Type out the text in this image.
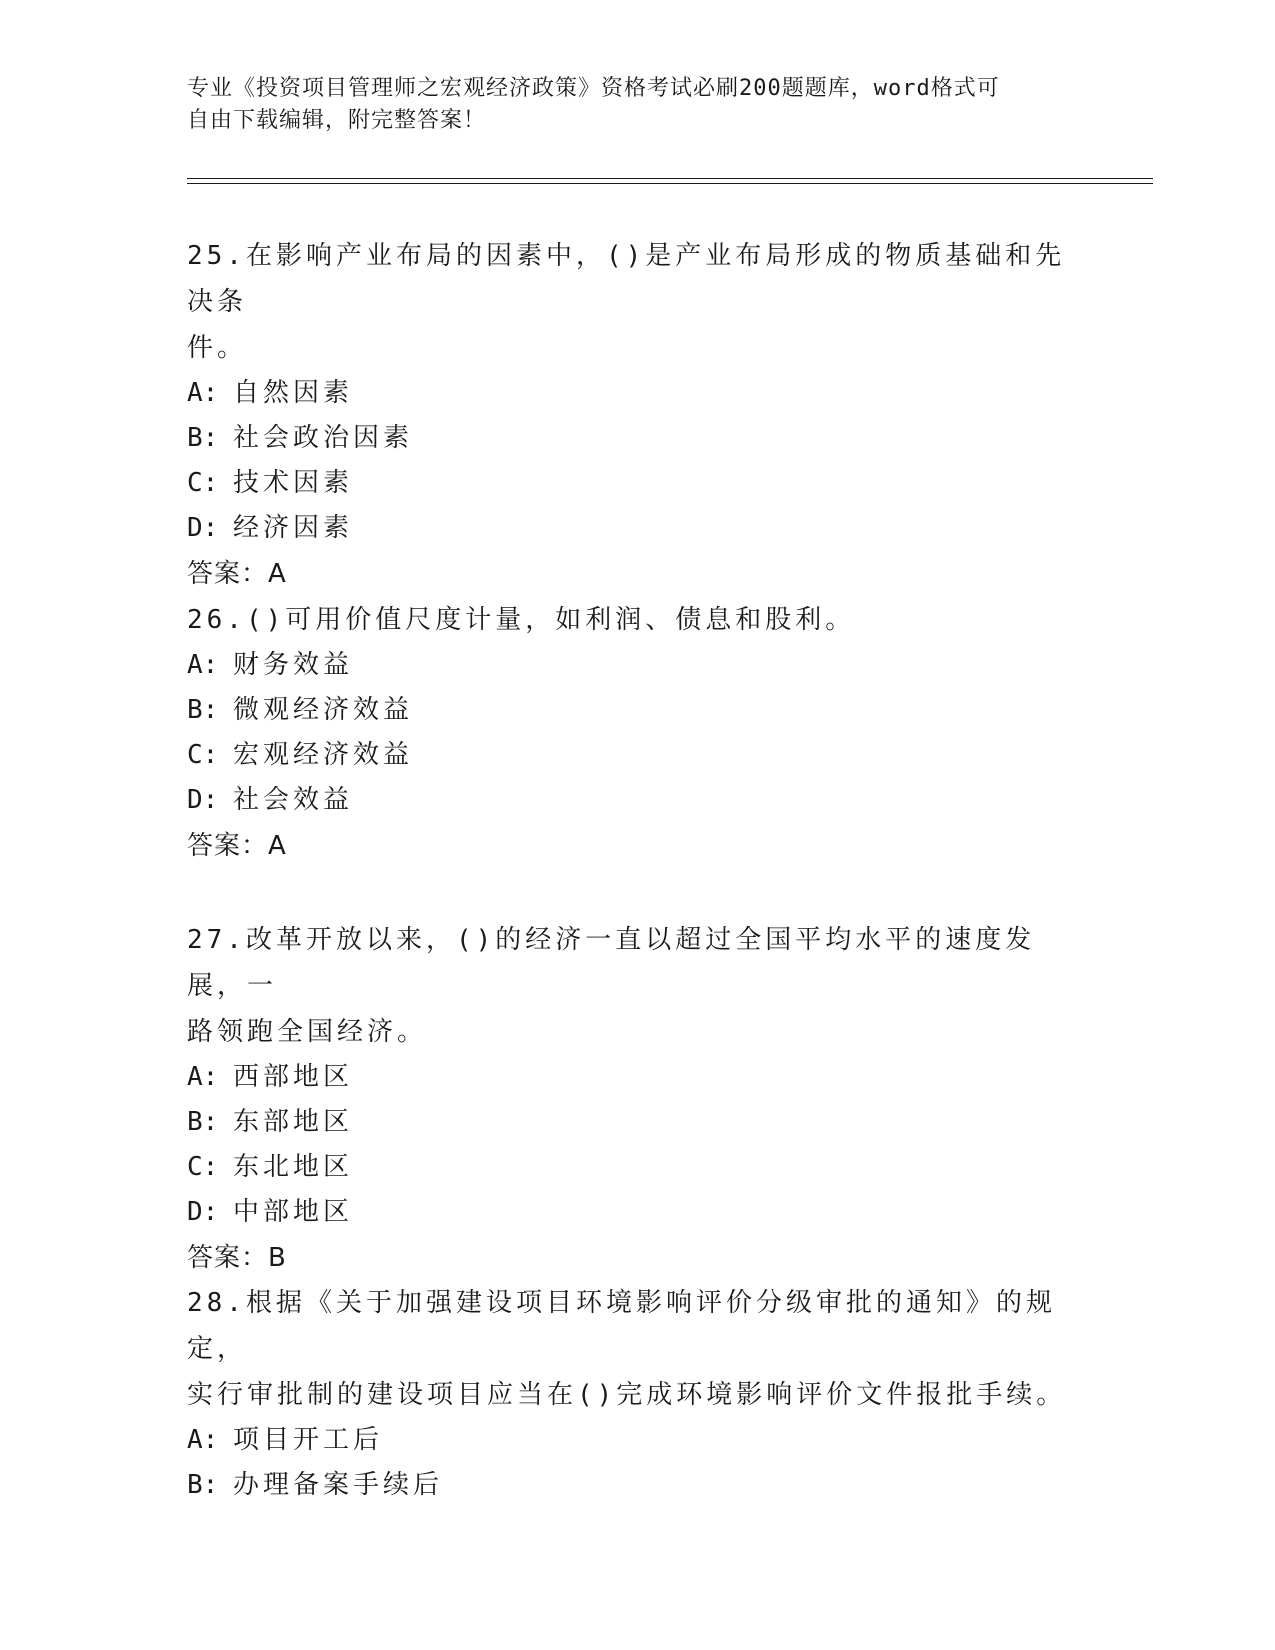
专业《投资项目管理师之宏观经济政策》资格考试必刷200题题库，word格式可
自由下载编辑，附完整答案！

25.在影响产业布局的因素中，()是产业布局形成的物质基础和先决条

件。

A: 自然因素

B: 社会政治因素

C: 技术因素

D: 经济因素

答案：A

26.()可用价值尺度计量，如利润、债息和股利。

A: 财务效益

B: 微观经济效益

C: 宏观经济效益

D: 社会效益

答案：A

27.改革开放以来，()的经济一直以超过全国平均水平的速度发展，一

路领跑全国经济。

A: 西部地区

B: 东部地区

C: 东北地区

D: 中部地区

答案：B

28.根据《关于加强建设项目环境影响评价分级审批的通知》的规定，

实行审批制的建设项目应当在()完成环境影响评价文件报批手续。

A: 项目开工后

B: 办理备案手续后
